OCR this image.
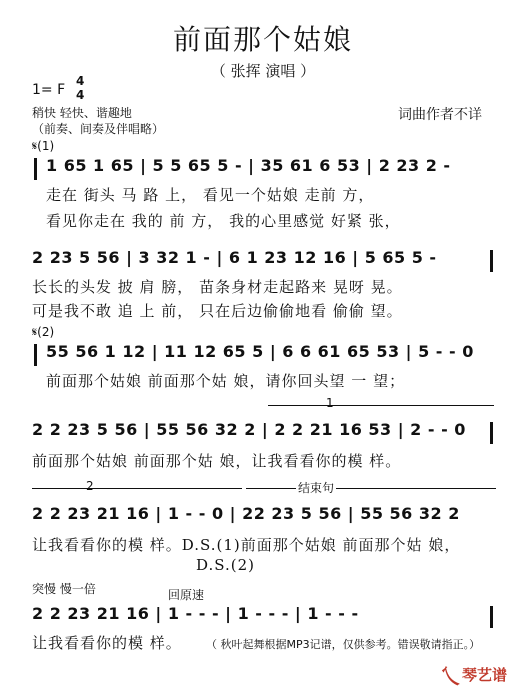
前面那个姑娘
（ 张挥 演唱 ）
1= F
4
4
稍快 轻快、谐趣地
（前奏、间奏及伴唱略）
词曲作者不详
𝄋(1)
1 65 1 65 | 5 5 65 5 - | 35 61 6 53 | 2 23 2 -
走在 街头 马 路 上， 看见一个姑娘 走前 方，
看见你走在 我的 前 方， 我的心里感觉 好紧 张，
2 23 5 56 | 3 32 1 - | 6 1 23 12 16 | 5 65 5 -
长长的头发 披 肩 膀， 苗条身材走起路来 晃呀 晃。
可是我不敢 追 上 前， 只在后边偷偷地看 偷偷 望。
𝄋(2)
55 56 1 12 | 11 12 65 5 | 6 6 61 65 53 | 5 - - 0
前面那个姑娘 前面那个姑 娘，请你回头望 一 望；
1
2 2 23 5 56 | 55 56 32 2 | 2 2 21 16 53 | 2 - - 0
前面那个姑娘 前面那个姑 娘，让我看看你的模 样。
2	结束句
2 2 23 21 16 | 1 - - 0 | 22 23 5 56 | 55 56 32 2
让我看看你的模 样。D.S.(1)前面那个姑娘 前面那个姑 娘，
D.S.(2)
突慢 慢一倍	回原速
2 2 23 21 16 | 1 - - - | 1 - - - | 1 - - -
让我看看你的模 样。 （ 秋叶起舞根据MP3记谱，仅供参考。错误敬请指正。）
乀 琴艺谱
